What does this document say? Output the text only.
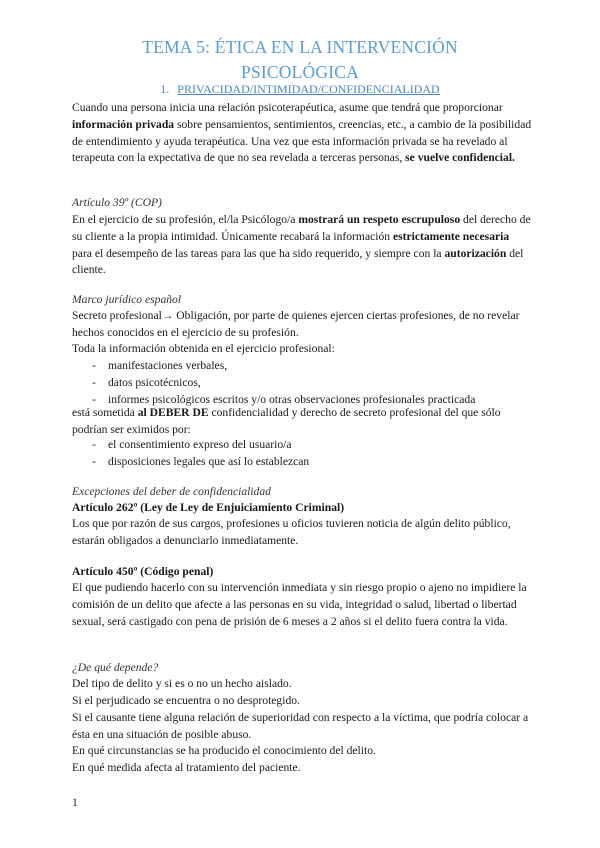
TEMA 5: ÉTICA EN LA INTERVENCIÓN
PSICOLÓGICA
1. PRIVACIDAD/INTIMIDAD/CONFIDENCIALIDAD

Cuando una persona inicia una relación psicoterapéutica, asume que tendrá que proporcionar información privada sobre pensamientos, sentimientos, creencias, etc., a cambio de la posibilidad de entendimiento y ayuda terapéutica. Una vez que esta información privada se ha revelado al terapeuta con la expectativa de que no sea revelada a terceras personas, se vuelve confidencial.

Artículo 39º (COP)

En el ejercicio de su profesión, el/la Psicólogo/a mostrará un respeto escrupuloso del derecho de su cliente a la propia intimidad. Únicamente recabará la información estrictamente necesaria para el desempeño de las tareas para las que ha sido requerido, y siempre con la autorización del cliente.

Marco jurídico español

Secreto profesional→ Obligación, por parte de quienes ejercen ciertas profesiones, de no revelar hechos conocidos en el ejercicio de su profesión.

Toda la información obtenida en el ejercicio profesional:

- manifestaciones verbales,
- datos psicotécnicos,
- informes psicológicos escritos y/o otras observaciones profesionales practicada

está sometida al DEBER DE confidencialidad y derecho de secreto profesional del que sólo podrían ser eximidos por:

- el consentimiento expreso del usuario/a
- disposiciones legales que así lo establezcan

Excepciones del deber de confidencialidad

Artículo 262º (Ley de Ley de Enjuiciamiento Criminal)

Los que por razón de sus cargos, profesiones u oficios tuvieren noticia de algún delito público, estarán obligados a denunciarlo inmediatamente.

Artículo 450º (Código penal)

El que pudiendo hacerlo con su intervención inmediata y sin riesgo propio o ajeno no impidiere la comisión de un delito que afecte a las personas en su vida, integridad o salud, libertad o libertad sexual, será castigado con pena de prisión de 6 meses a 2 años si el delito fuera contra la vida.

¿De qué depende?

Del tipo de delito y si es o no un hecho aislado.

Si el perjudicado se encuentra o no desprotegido.

Si el causante tiene alguna relación de superioridad con respecto a la víctima, que podría colocar a ésta en una situación de posible abuso.

En qué circunstancias se ha producido el conocimiento del delito.

En qué medida afecta al tratamiento del paciente.

1
